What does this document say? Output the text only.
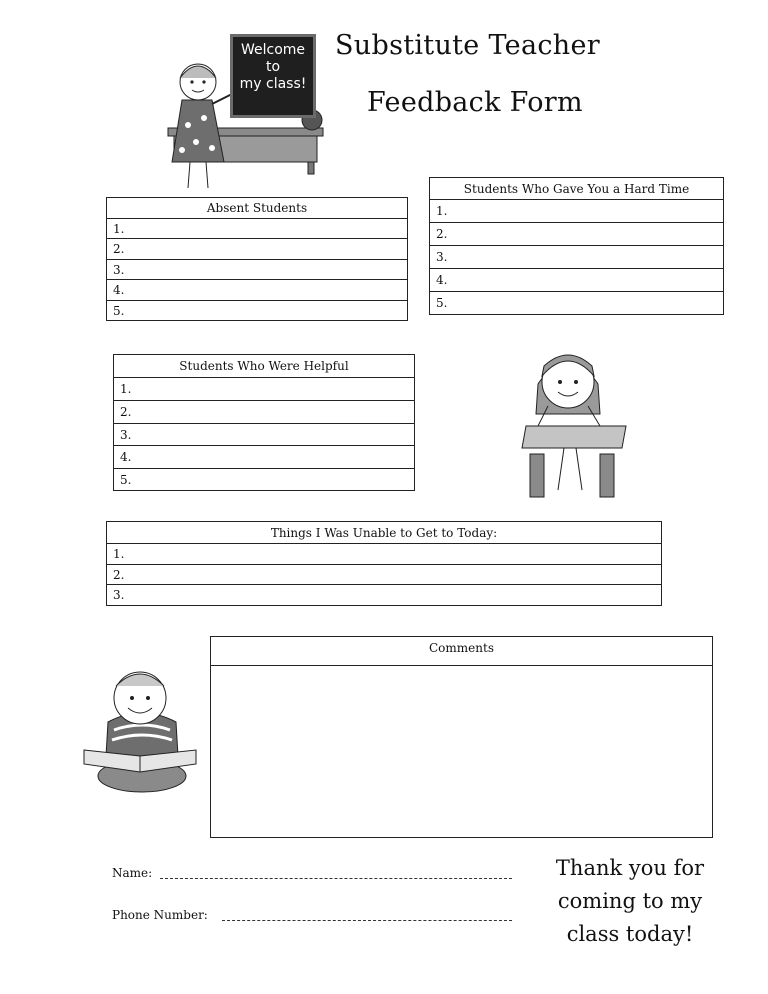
Welcome
to
my class!
Substitute Teacher
Feedback Form
Absent Students
1.
2.
3.
4.
5.
Students Who Gave You a Hard Time
1.
2.
3.
4.
5.
Students Who Were Helpful
1.
2.
3.
4.
5.
Things I Was Unable to Get to Today:
1.
2.
3.
Comments
Name:
Phone Number:
Thank you for
coming to my
class today!
